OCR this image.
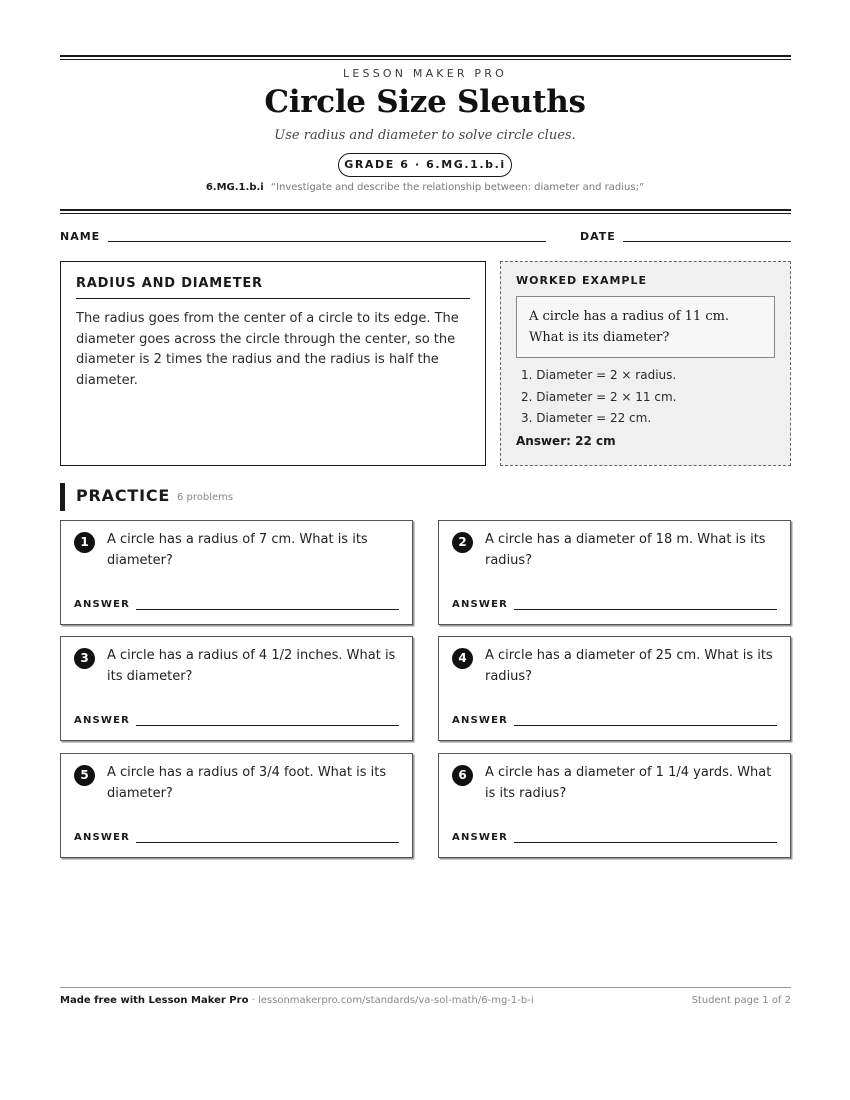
LESSON MAKER PRO
Circle Size Sleuths
Use radius and diameter to solve circle clues.
GRADE 6 · 6.MG.1.b.i
6.MG.1.b.i “Investigate and describe the relationship between: diameter and radius;”
NAME	DATE
RADIUS AND DIAMETER

The radius goes from the center of a circle to its edge. The diameter goes across the circle through the center, so the diameter is 2 times the radius and the radius is half the diameter.

WORKED EXAMPLE
A circle has a radius of 11 cm. What is its diameter?
1. Diameter = 2 × radius.
2. Diameter = 2 × 11 cm.
3. Diameter = 22 cm.
Answer: 22 cm
PRACTICE 6 problems
1	A circle has a radius of 7 cm. What is its diameter?
ANSWER
2	A circle has a diameter of 18 m. What is its radius?
ANSWER
3	A circle has a radius of 4 1/2 inches. What is its diameter?
ANSWER
4	A circle has a diameter of 25 cm. What is its radius?
ANSWER
5	A circle has a radius of 3/4 foot. What is its diameter?
ANSWER
6	A circle has a diameter of 1 1/4 yards. What is its radius?
ANSWER
Made free with Lesson Maker Pro · lessonmakerpro.com/standards/va-sol-math/6-mg-1-b-i	Student page 1 of 2
